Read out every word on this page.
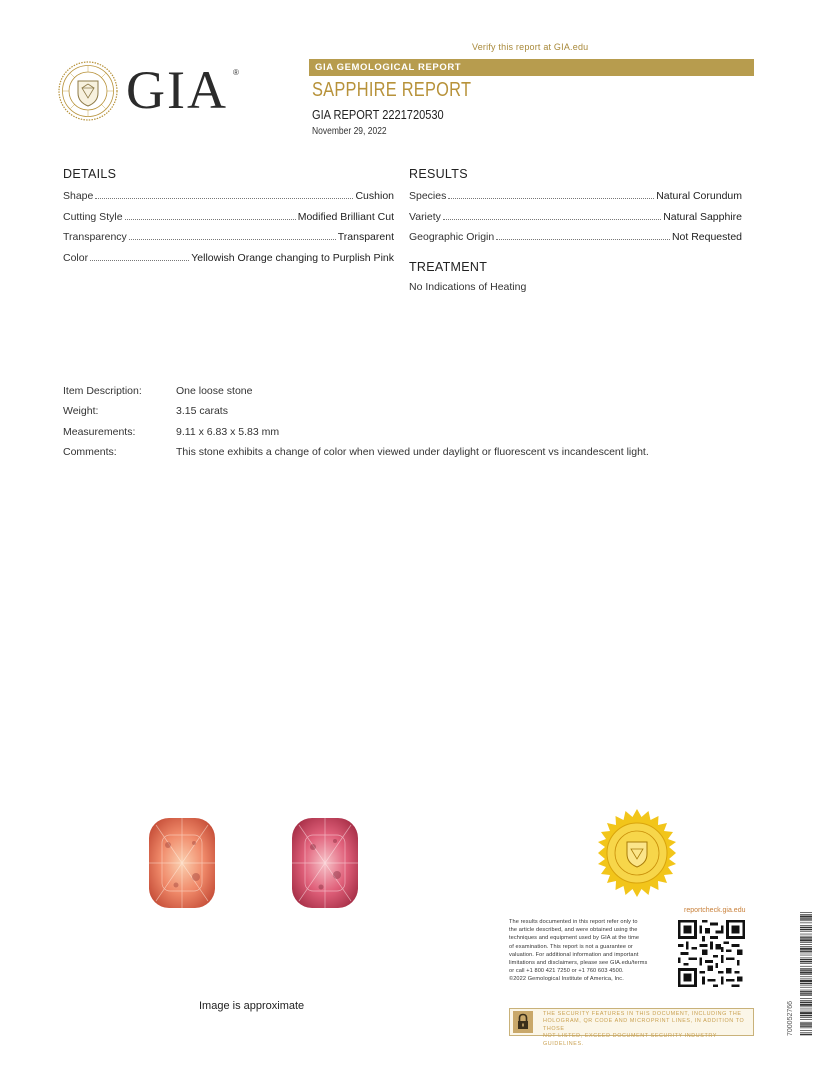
Verify this report at GIA.edu
GIA ®	GIA GEMOLOGICAL REPORT
SAPPHIRE REPORT
GIA REPORT 2221720530
November 29, 2022
DETAILS
Shape	Cushion
Cutting Style	Modified Brilliant Cut
Transparency	Transparent
Color	Yellowish Orange changing to Purplish Pink
RESULTS
Species	Natural Corundum
Variety	Natural Sapphire
Geographic Origin	Not Requested
TREATMENT
No Indications of Heating
Item Description:	One loose stone
Weight:	3.15 carats
Measurements:	9.11 x 6.83 x 5.83 mm
Comments:	This stone exhibits a change of color when viewed under daylight or fluorescent vs incandescent light.
Image is approximate
The results documented in this report refer only to
the article described, and were obtained using the
techniques and equipment used by GIA at the time
of examination. This report is not a guarantee or
valuation. For additional information and important
limitations and disclaimers, please see GIA.edu/terms
or call +1 800 421 7250 or +1 760 603 4500.
©2022 Gemological Institute of America, Inc.
reportcheck.gia.edu
THE SECURITY FEATURES IN THIS DOCUMENT, INCLUDING THE
HOLOGRAM, QR CODE AND MICROPRINT LINES, IN ADDITION TO THOSE
NOT LISTED, EXCEED DOCUMENT SECURITY INDUSTRY GUIDELINES.
700052766
